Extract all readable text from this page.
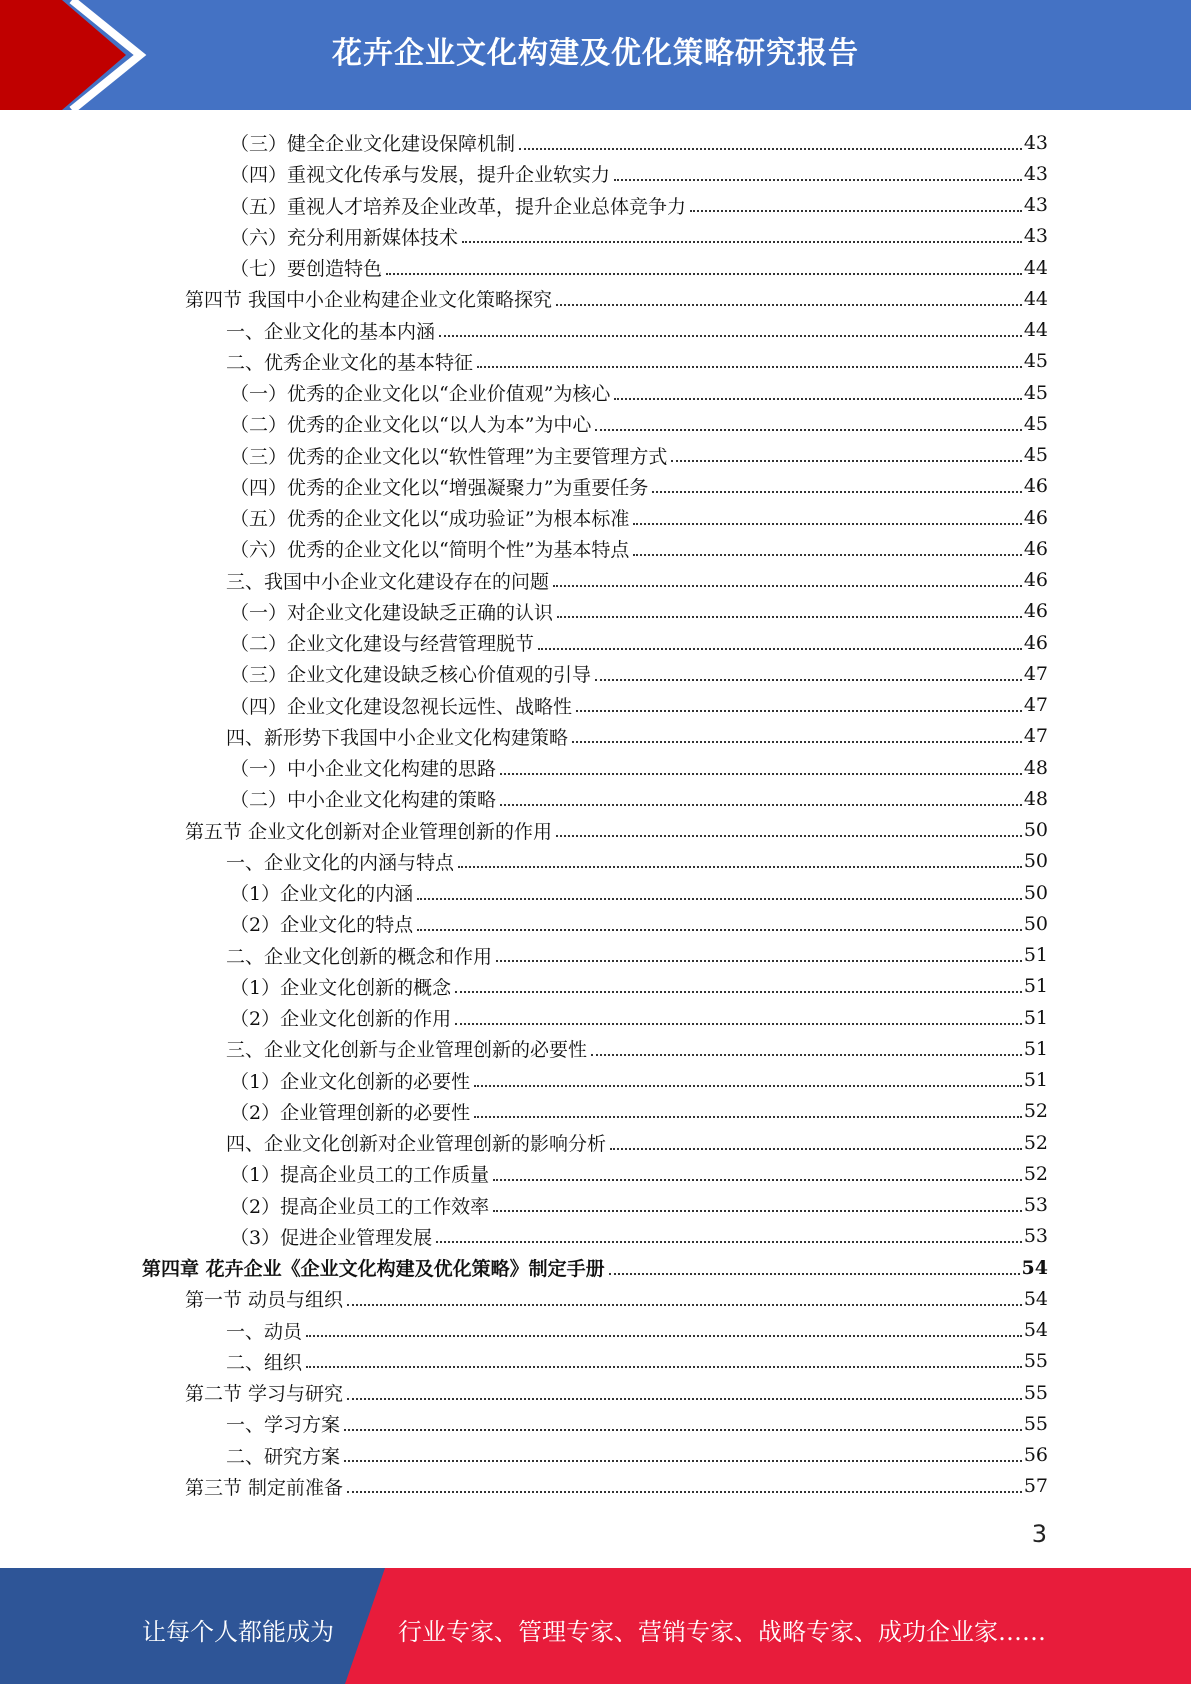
花卉企业文化构建及优化策略研究报告
（三）健全企业文化建设保障机制	43
（四）重视文化传承与发展，提升企业软实力	43
（五）重视人才培养及企业改革，提升企业总体竞争力	43
（六）充分利用新媒体技术	43
（七）要创造特色	44
第四节 我国中小企业构建企业文化策略探究	44
一、企业文化的基本内涵	44
二、优秀企业文化的基本特征	45
（一）优秀的企业文化以“企业价值观”为核心	45
（二）优秀的企业文化以“以人为本”为中心	45
（三）优秀的企业文化以“软性管理”为主要管理方式	45
（四）优秀的企业文化以“增强凝聚力”为重要任务	46
（五）优秀的企业文化以“成功验证”为根本标准	46
（六）优秀的企业文化以“简明个性”为基本特点	46
三、我国中小企业文化建设存在的问题	46
（一）对企业文化建设缺乏正确的认识	46
（二）企业文化建设与经营管理脱节	46
（三）企业文化建设缺乏核心价值观的引导	47
（四）企业文化建设忽视长远性、战略性	47
四、新形势下我国中小企业文化构建策略	47
（一）中小企业文化构建的思路	48
（二）中小企业文化构建的策略	48
第五节 企业文化创新对企业管理创新的作用	50
一、企业文化的内涵与特点	50
（1）企业文化的内涵	50
（2）企业文化的特点	50
二、企业文化创新的概念和作用	51
（1）企业文化创新的概念	51
（2）企业文化创新的作用	51
三、企业文化创新与企业管理创新的必要性	51
（1）企业文化创新的必要性	51
（2）企业管理创新的必要性	52
四、企业文化创新对企业管理创新的影响分析	52
（1）提高企业员工的工作质量	52
（2）提高企业员工的工作效率	53
（3）促进企业管理发展	53
第四章 花卉企业《企业文化构建及优化策略》制定手册	54
第一节 动员与组织	54
一、动员	54
二、组织	55
第二节 学习与研究	55
一、学习方案	55
二、研究方案	56
第三节 制定前准备	57
3
让每个人都能成为	行业专家、管理专家、营销专家、战略专家、成功企业家……
